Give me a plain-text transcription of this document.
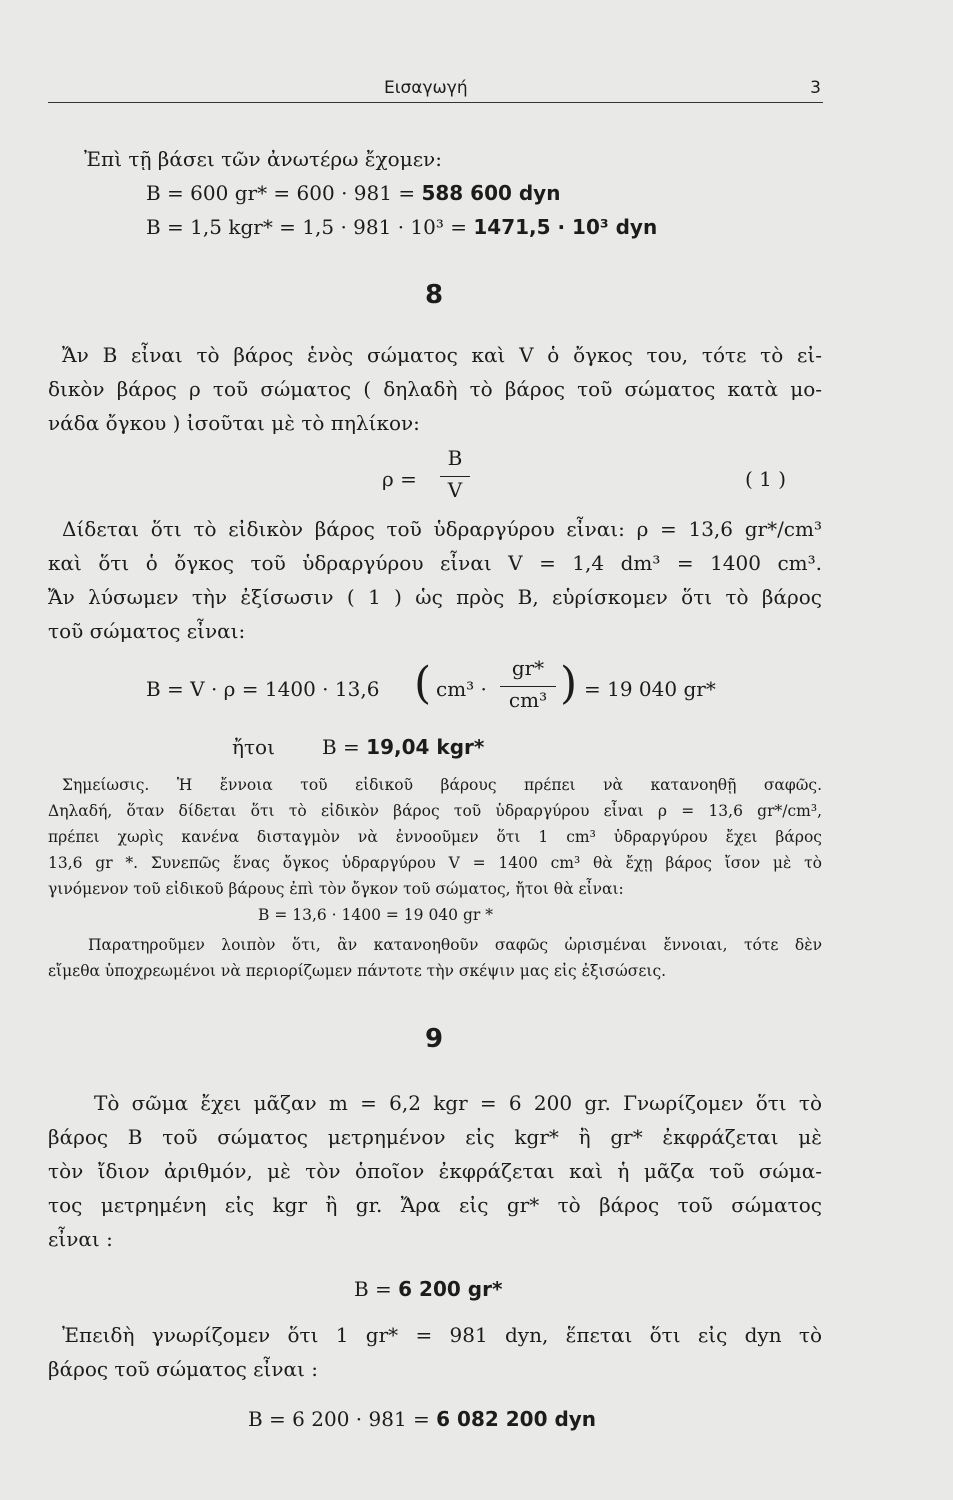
Εισαγωγή	3
Ἐπὶ τῇ βάσει τῶν ἀνωτέρω ἔχομεν:
B = 600 gr* = 600 · 981 = 588 600 dyn
B = 1,5 kgr* = 1,5 · 981 · 10³ = 1471,5 · 10³ dyn
8
Ἄν B εἶναι τὸ βάρος ἑνὸς σώματος καὶ V ὁ ὄγκος του, τότε τὸ εἰ-
δικὸν βάρος ρ τοῦ σώματος ( δηλαδὴ τὸ βάρος τοῦ σώματος κατὰ μο-
νάδα ὄγκου ) ἰσοῦται μὲ τὸ πηλίκον:
ρ =
B
V	( 1 )
Δίδεται ὅτι τὸ εἰδικὸν βάρος τοῦ ὑδραργύρου εἶναι: ρ = 13,6 gr*/cm³
καὶ ὅτι ὁ ὄγκος τοῦ ὑδραργύρου εἶναι V = 1,4 dm³ = 1400 cm³.
Ἄν λύσωμεν τὴν ἐξίσωσιν ( 1 ) ὡς πρὸς B, εὑρίσκομεν ὅτι τὸ βάρος
τοῦ σώματος εἶναι:
B = V · ρ = 1400 · 13,6 ( cm³ ·
gr*
cm³ ) = 19 040 gr*
ἤτοι B = 19,04 kgr*
Σημείωσις. Ἡ ἔννοια τοῦ εἰδικοῦ βάρους πρέπει νὰ κατανοηθῇ σαφῶς.
Δηλαδή, ὅταν δίδεται ὅτι τὸ εἰδικὸν βάρος τοῦ ὑδραργύρου εἶναι ρ = 13,6 gr*/cm³,
πρέπει χωρὶς κανένα δισταγμὸν νὰ ἐννοοῦμεν ὅτι 1 cm³ ὑδραργύρου ἔχει βάρος
13,6 gr *. Συνεπῶς ἕνας ὄγκος ὑδραργύρου V = 1400 cm³ θὰ ἔχῃ βάρος ἴσον μὲ τὸ
γινόμενον τοῦ εἰδικοῦ βάρους ἐπὶ τὸν ὄγκον τοῦ σώματος, ἤτοι θὰ εἶναι:
B = 13,6 · 1400 = 19 040 gr *
Παρατηροῦμεν λοιπὸν ὅτι, ἂν κατανοηθοῦν σαφῶς ὡρισμέναι ἔννοιαι, τότε δὲν
εἴμεθα ὑποχρεωμένοι νὰ περιορίζωμεν πάντοτε τὴν σκέψιν μας εἰς ἐξισώσεις.
9
Τὸ σῶμα ἔχει μᾶζαν m = 6,2 kgr = 6 200 gr. Γνωρίζομεν ὅτι τὸ
βάρος B τοῦ σώματος μετρημένον εἰς kgr* ἢ gr* ἐκφράζεται μὲ
τὸν ἴδιον ἀριθμόν, μὲ τὸν ὁποῖον ἐκφράζεται καὶ ἡ μᾶζα τοῦ σώμα-
τος μετρημένη εἰς kgr ἢ gr. Ἄρα εἰς gr* τὸ βάρος τοῦ σώματος
εἶναι :
B = 6 200 gr*
Ἐπειδὴ γνωρίζομεν ὅτι 1 gr* = 981 dyn, ἕπεται ὅτι εἰς dyn τὸ
βάρος τοῦ σώματος εἶναι :
B = 6 200 · 981 = 6 082 200 dyn
